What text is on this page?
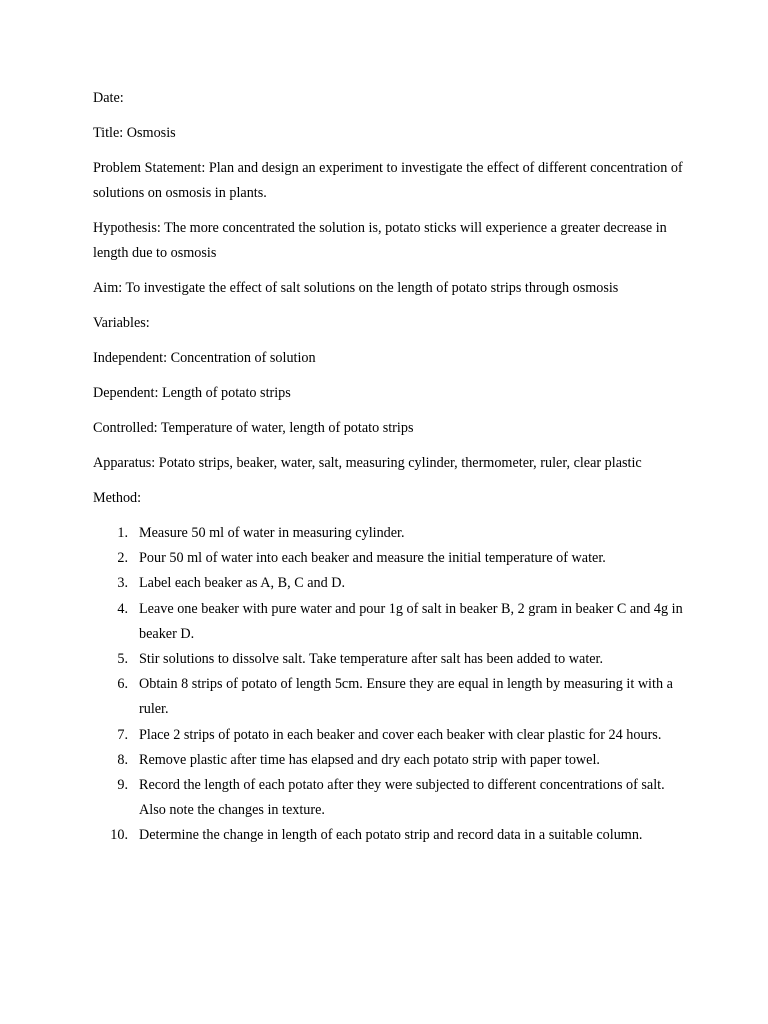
Date:

Title: Osmosis

Problem Statement: Plan and design an experiment to investigate the effect of different concentration of solutions on osmosis in plants.

Hypothesis: The more concentrated the solution is, potato sticks will experience a greater decrease in length due to osmosis

Aim: To investigate the effect of salt solutions on the length of potato strips through osmosis

Variables:

Independent: Concentration of solution

Dependent: Length of potato strips

Controlled: Temperature of water, length of potato strips

Apparatus: Potato strips, beaker, water, salt, measuring cylinder, thermometer, ruler, clear plastic

Method:

1. Measure 50 ml of water in measuring cylinder.
2. Pour 50 ml of water into each beaker and measure the initial temperature of water.
3. Label each beaker as A, B, C and D.
4. Leave one beaker with pure water and pour 1g of salt in beaker B, 2 gram in beaker C and 4g in beaker D.
5. Stir solutions to dissolve salt. Take temperature after salt has been added to water.
6. Obtain 8 strips of potato of length 5cm. Ensure they are equal in length by measuring it with a ruler.
7. Place 2 strips of potato in each beaker and cover each beaker with clear plastic for 24 hours.
8. Remove plastic after time has elapsed and dry each potato strip with paper towel.
9. Record the length of each potato after they were subjected to different concentrations of salt. Also note the changes in texture.
10. Determine the change in length of each potato strip and record data in a suitable column.
